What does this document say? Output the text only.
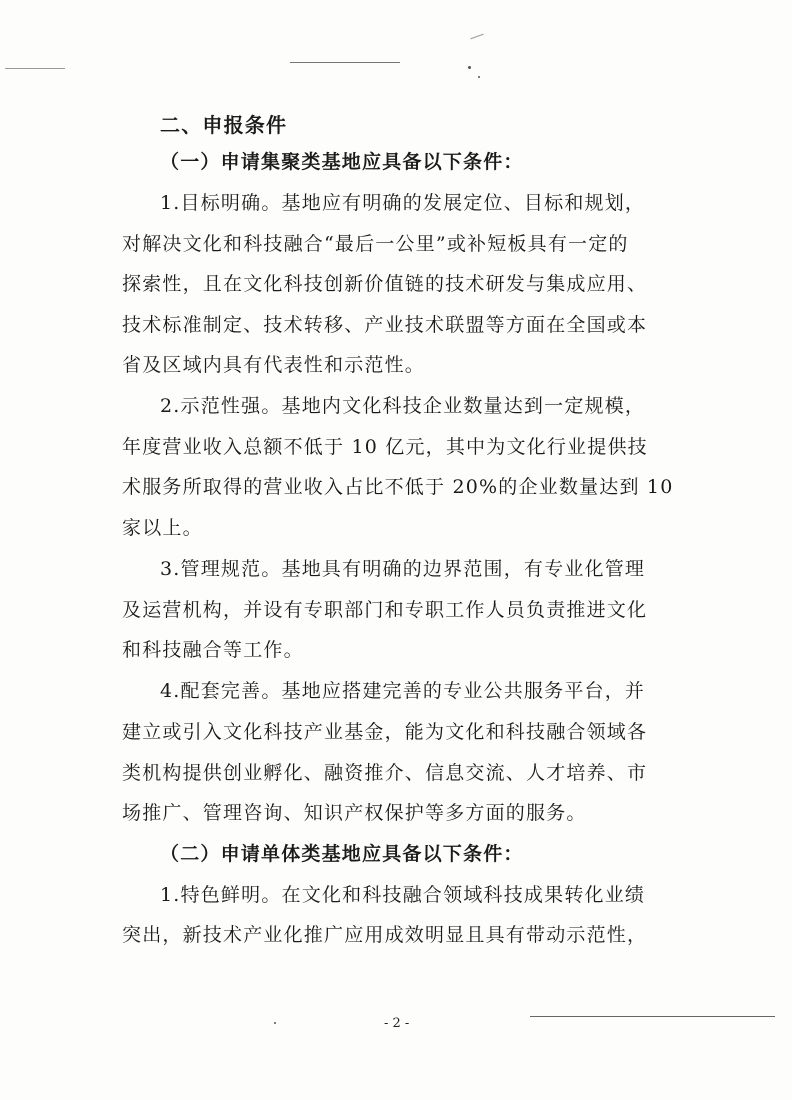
二、申报条件
（一）申请集聚类基地应具备以下条件：
1.目标明确。基地应有明确的发展定位、目标和规划，
对解决文化和科技融合“最后一公里”或补短板具有一定的
探索性，且在文化科技创新价值链的技术研发与集成应用、
技术标准制定、技术转移、产业技术联盟等方面在全国或本
省及区域内具有代表性和示范性。
2.示范性强。基地内文化科技企业数量达到一定规模，
年度营业收入总额不低于 10 亿元，其中为文化行业提供技
术服务所取得的营业收入占比不低于 20%的企业数量达到 10
家以上。
3.管理规范。基地具有明确的边界范围，有专业化管理
及运营机构，并设有专职部门和专职工作人员负责推进文化
和科技融合等工作。
4.配套完善。基地应搭建完善的专业公共服务平台，并
建立或引入文化科技产业基金，能为文化和科技融合领域各
类机构提供创业孵化、融资推介、信息交流、人才培养、市
场推广、管理咨询、知识产权保护等多方面的服务。
（二）申请单体类基地应具备以下条件：
1.特色鲜明。在文化和科技融合领域科技成果转化业绩
突出，新技术产业化推广应用成效明显且具有带动示范性，
- 2 -
